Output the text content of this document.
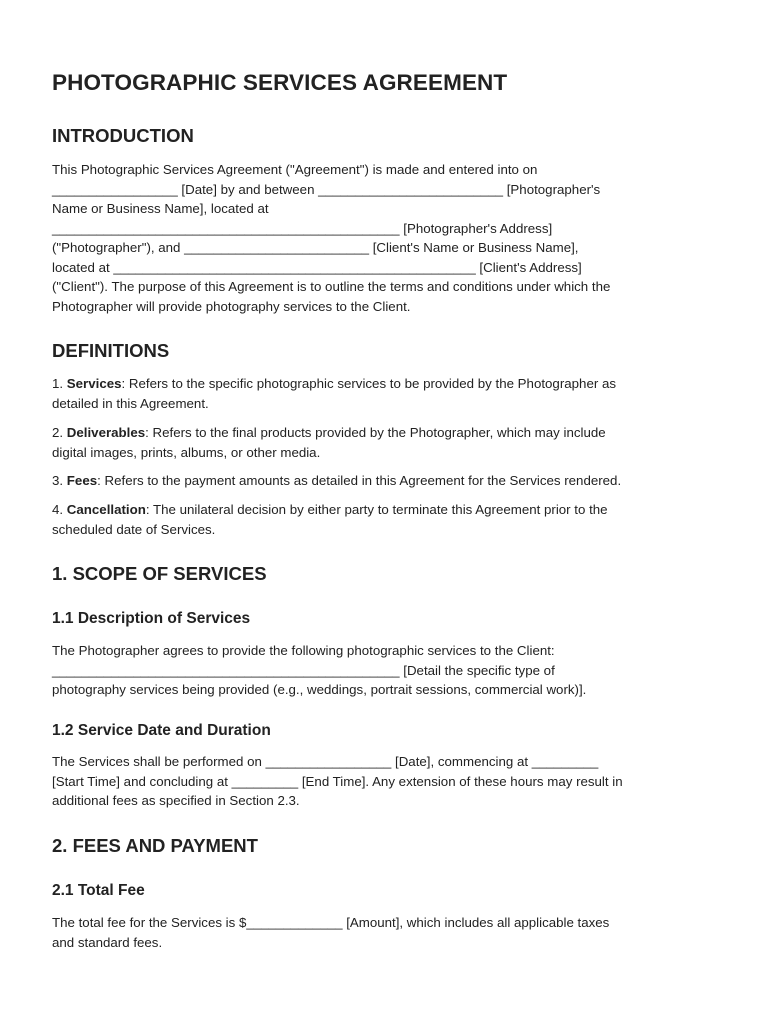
PHOTOGRAPHIC SERVICES AGREEMENT
INTRODUCTION

This Photographic Services Agreement ("Agreement") is made and entered into on
_________________ [Date] by and between _________________________ [Photographer's
Name or Business Name], located at
_______________________________________________ [Photographer's Address]
("Photographer"), and _________________________ [Client's Name or Business Name],
located at _________________________________________________ [Client's Address]
("Client"). The purpose of this Agreement is to outline the terms and conditions under which the
Photographer will provide photography services to the Client.

DEFINITIONS

1. Services: Refers to the specific photographic services to be provided by the Photographer as
detailed in this Agreement.

2. Deliverables: Refers to the final products provided by the Photographer, which may include
digital images, prints, albums, or other media.

3. Fees: Refers to the payment amounts as detailed in this Agreement for the Services rendered.

4. Cancellation: The unilateral decision by either party to terminate this Agreement prior to the
scheduled date of Services.

1. SCOPE OF SERVICES
1.1 Description of Services

The Photographer agrees to provide the following photographic services to the Client:
_______________________________________________ [Detail the specific type of
photography services being provided (e.g., weddings, portrait sessions, commercial work)].

1.2 Service Date and Duration

The Services shall be performed on _________________ [Date], commencing at _________
[Start Time] and concluding at _________ [End Time]. Any extension of these hours may result in
additional fees as specified in Section 2.3.

2. FEES AND PAYMENT
2.1 Total Fee

The total fee for the Services is $_____________ [Amount], which includes all applicable taxes
and standard fees.
